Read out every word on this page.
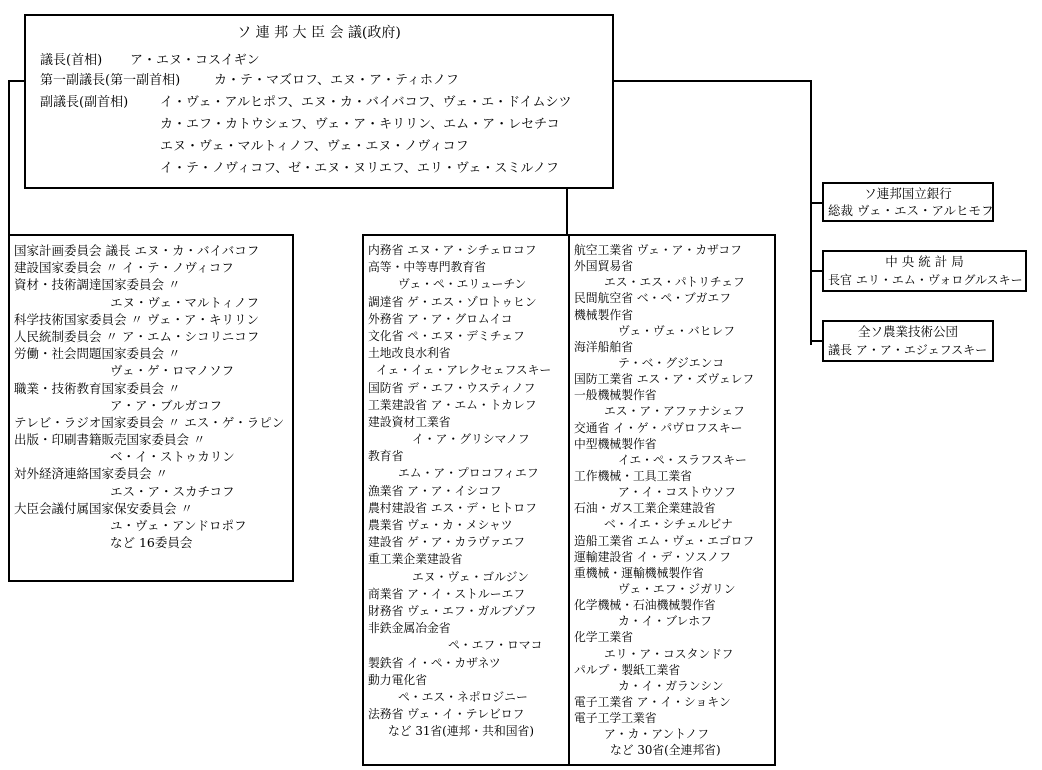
ソ 連 邦 大 臣 会 議(政府)
議長(首相) ア・エヌ・コスイギン
第一副議長(第一副首相)	カ・テ・マズロフ、エヌ・ア・ティホノフ
副議長(副首相) イ・ヴェ・アルヒポフ、エヌ・カ・バイバコフ、ヴェ・エ・ドイムシツ
カ・エフ・カトウシェフ、ヴェ・ア・キリリン、エム・ア・レセチコ
エヌ・ヴェ・マルトィノフ、ヴェ・エヌ・ノヴィコフ
イ・テ・ノヴィコフ、ゼ・エヌ・ヌリエフ、エリ・ヴェ・スミルノフ
ソ連邦国立銀行
総裁 ヴェ・エス・アルヒモフ
中 央 統 計 局
長官 エリ・エム・ヴォログルスキー
全ソ農業技術公団
議長 ア・ア・エジェフスキー
国家計画委員会 議長 エヌ・カ・バイバコフ
建設国家委員会 〃 イ・テ・ノヴィコフ
資材・技術調達国家委員会 〃
エヌ・ヴェ・マルトィノフ
科学技術国家委員会 〃 ヴェ・ア・キリリン
人民統制委員会 〃 ア・エム・シコリニコフ
労働・社会問題国家委員会 〃
ヴェ・ゲ・ロマノソフ
職業・技術教育国家委員会 〃
ア・ア・ブルガコフ
テレビ・ラジオ国家委員会 〃 エス・ゲ・ラピン
出版・印刷書籍販売国家委員会 〃
ベ・イ・ストゥカリン
対外経済連絡国家委員会 〃
エス・ア・スカチコフ
大臣会議付属国家保安委員会 〃
ユ・ヴェ・アンドロポフ
など 16委員会
内務省 エヌ・ア・シチェロコフ
高等・中等専門教育省
ヴェ・ペ・エリューチン
調達省 ゲ・エス・ゾロトゥヒン
外務省 ア・ア・グロムイコ
文化省 ペ・エヌ・デミチェフ
土地改良水利省
イェ・イェ・アレクセェフスキー
国防省 デ・エフ・ウスティノフ
工業建設省 ア・エム・トカレフ
建設資材工業省
イ・ア・グリシマノフ
教育省
エム・ア・プロコフィエフ
漁業省 ア・ア・イシコフ
農村建設省 エス・デ・ヒトロフ
農業省 ヴェ・カ・メシャツ
建設省 ゲ・ア・カラヴァエフ
重工業企業建設省
エヌ・ヴェ・ゴルジン
商業省 ア・イ・ストルーエフ
財務省 ヴェ・エフ・ガルブゾフ
非鉄金属冶金省
ペ・エフ・ロマコ
製鉄省 イ・ペ・カザネツ
動力電化省
ペ・エス・ネポロジニー
法務省 ヴェ・イ・テレビロフ
など 31省(連邦・共和国省)
航空工業省 ヴェ・ア・カザコフ
外国貿易省
エス・エス・パトリチェフ
民間航空省 ベ・ペ・ブガエフ
機械製作省
ヴェ・ヴェ・バヒレフ
海洋船舶省
テ・ベ・グジエンコ
国防工業省 エス・ア・ズヴェレフ
一般機械製作省
エス・ア・アファナシェフ
交通省 イ・ゲ・パヴロフスキー
中型機械製作省
イエ・ペ・スラフスキー
工作機械・工具工業省
ア・イ・コストウソフ
石油・ガス工業企業建設省
ベ・イエ・シチェルビナ
造船工業省 エム・ヴェ・エゴロフ
運輸建設省 イ・デ・ソスノフ
重機械・運輸機械製作省
ヴェ・エフ・ジガリン
化学機械・石油機械製作省
カ・イ・ブレホフ
化学工業省
エリ・ア・コスタンドフ
パルプ・製紙工業省
カ・イ・ガランシン
電子工業省 ア・イ・ショキン
電子工学工業省
ア・カ・アントノフ
など 30省(全連邦省)
